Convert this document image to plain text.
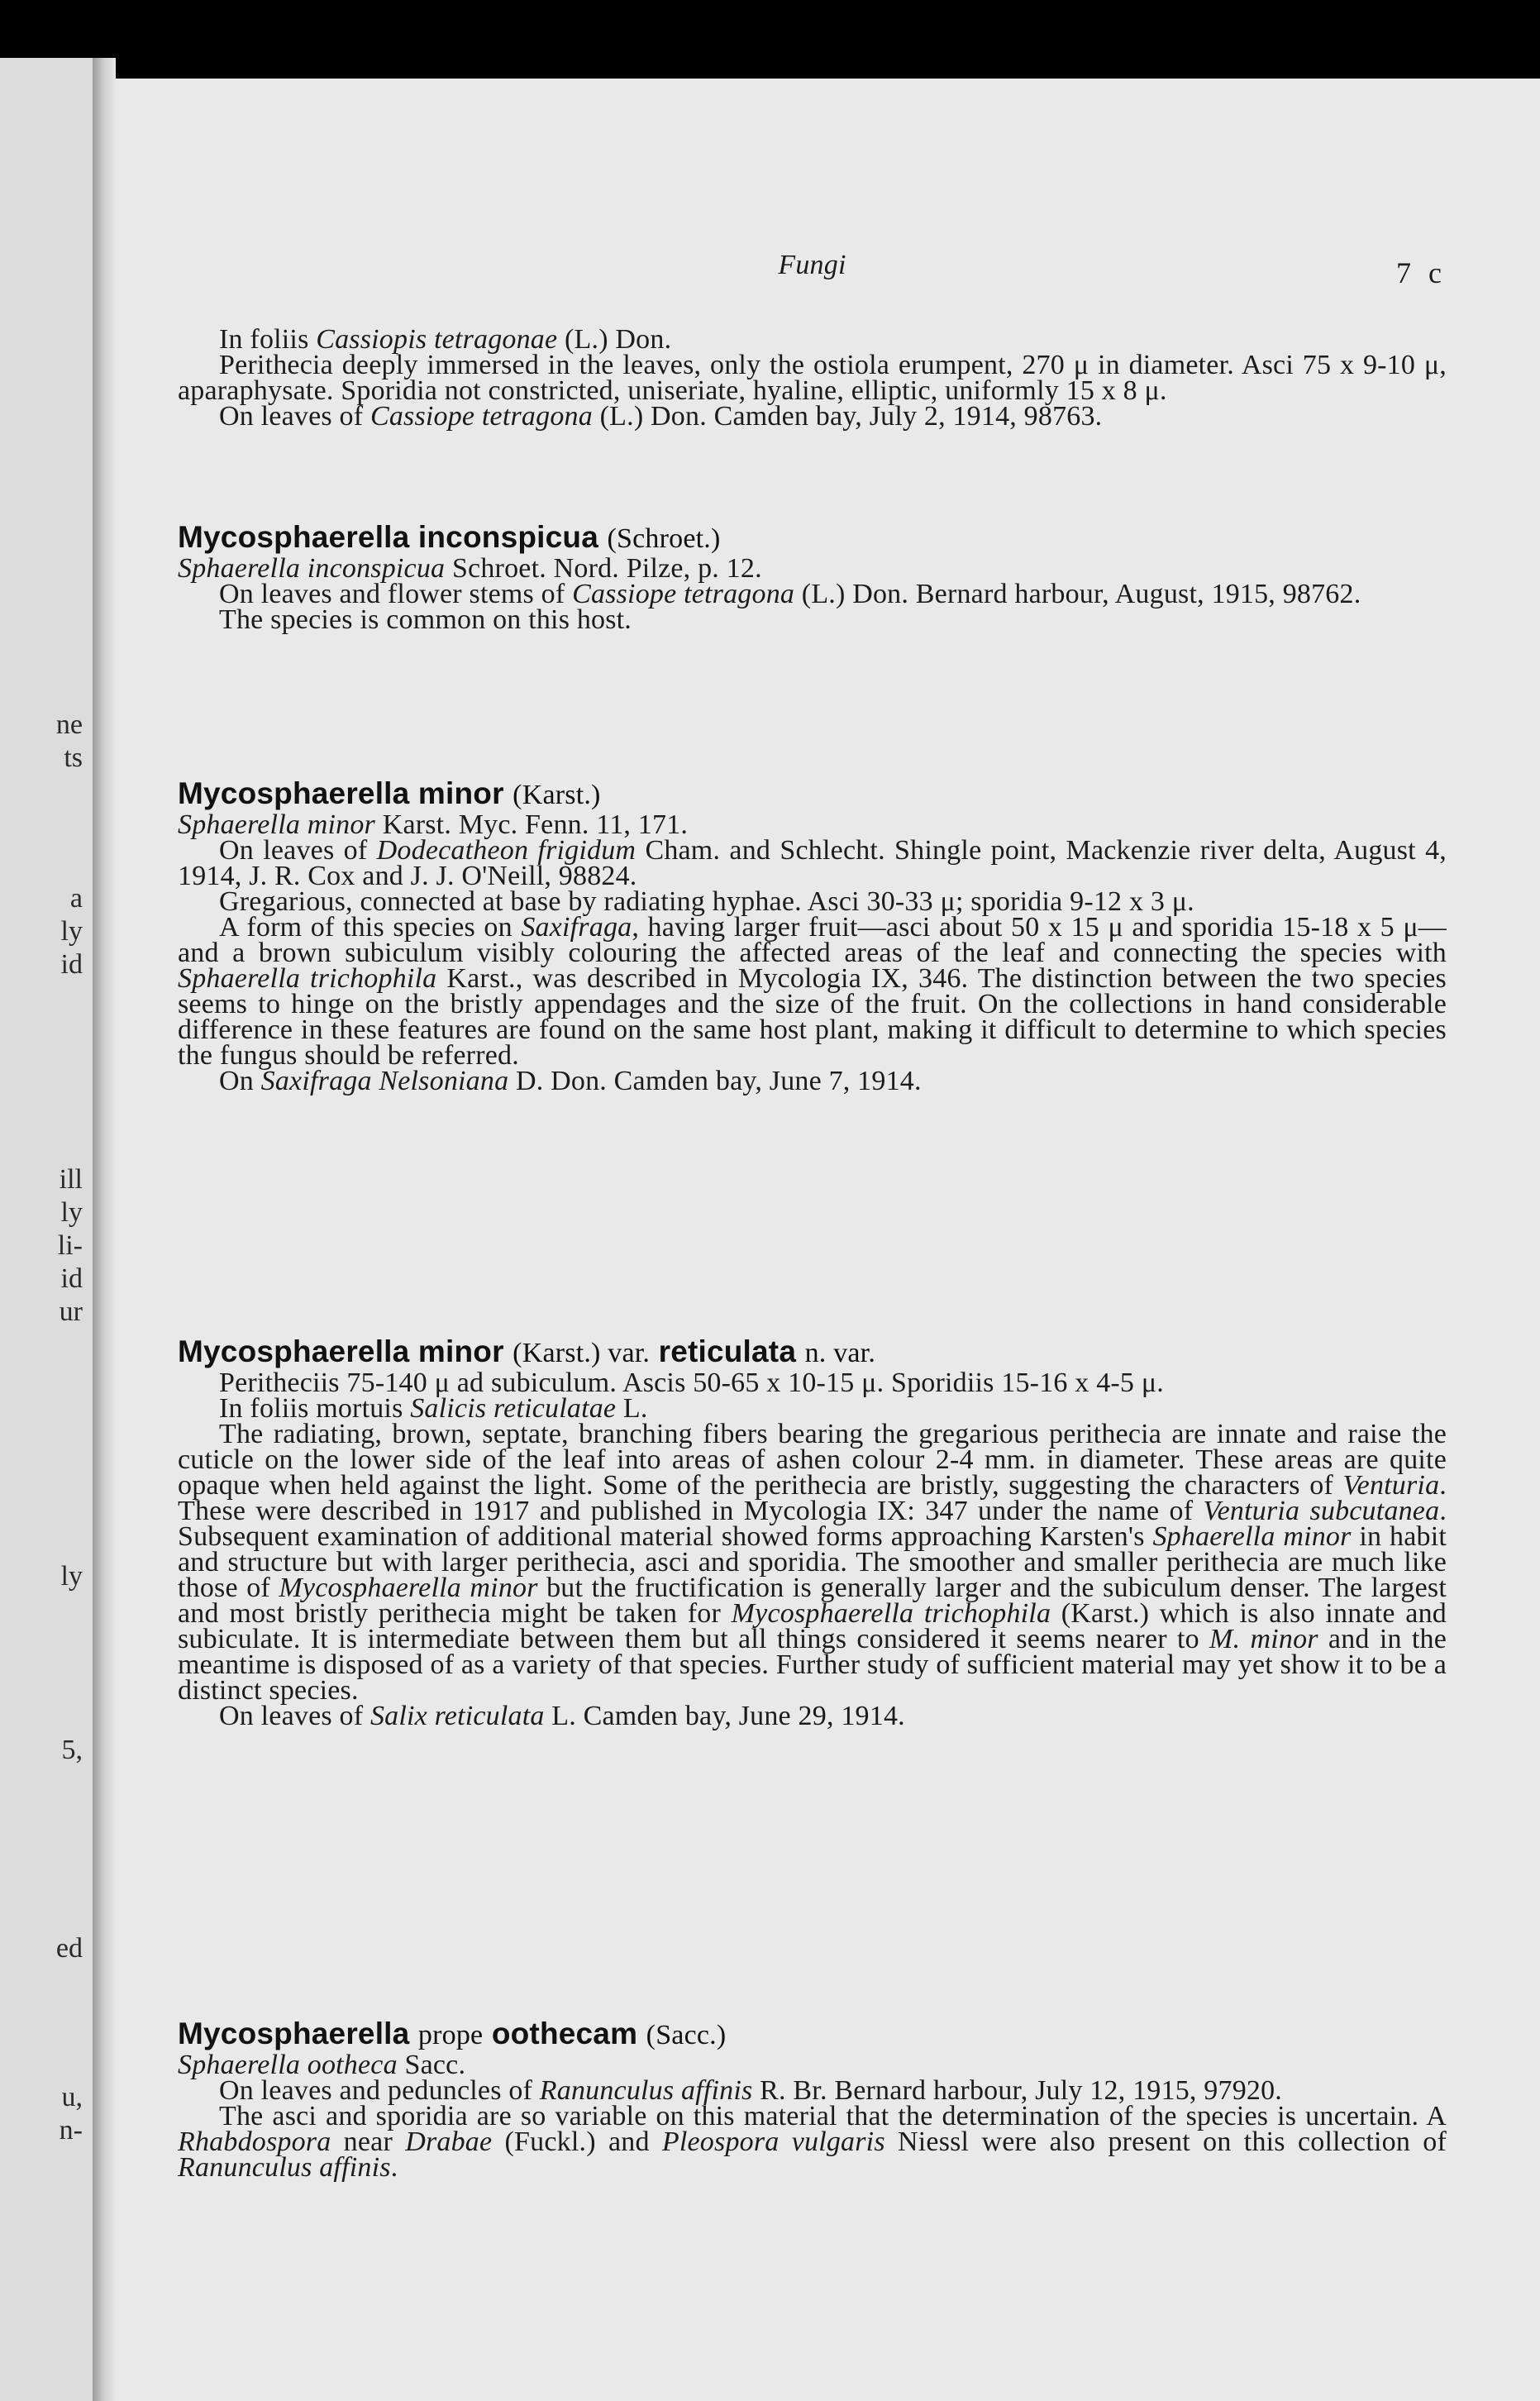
ne
ts
a
ly
id
ill
ly
li-
id
ur
ly
5,
ed
u,
n-
Fungi	7 c

In foliis Cassiopis tetragonae (L.) Don.

Perithecia deeply immersed in the leaves, only the ostiola erumpent, 270 μ in diameter. Asci 75 x 9-10 μ, aparaphysate. Sporidia not constricted, uniseriate, hyaline, elliptic, uniformly 15 x 8 μ.

On leaves of Cassiope tetragona (L.) Don. Camden bay, July 2, 1914, 98763.

Mycosphaerella inconspicua (Schroet.)

Sphaerella inconspicua Schroet. Nord. Pilze, p. 12.

On leaves and flower stems of Cassiope tetragona (L.) Don. Bernard harbour, August, 1915, 98762.

The species is common on this host.

Mycosphaerella minor (Karst.)

Sphaerella minor Karst. Myc. Fenn. 11, 171.

On leaves of Dodecatheon frigidum Cham. and Schlecht. Shingle point, Mackenzie river delta, August 4, 1914, J. R. Cox and J. J. O'Neill, 98824.

Gregarious, connected at base by radiating hyphae. Asci 30-33 μ; sporidia 9-12 x 3 μ.

A form of this species on Saxifraga, having larger fruit—asci about 50 x 15 μ and sporidia 15-18 x 5 μ—and a brown subiculum visibly colouring the affected areas of the leaf and connecting the species with Sphaerella trichophila Karst., was described in Mycologia IX, 346. The distinction between the two species seems to hinge on the bristly appendages and the size of the fruit. On the collections in hand considerable difference in these features are found on the same host plant, making it difficult to determine to which species the fungus should be referred.

On Saxifraga Nelsoniana D. Don. Camden bay, June 7, 1914.

Mycosphaerella minor (Karst.) var. reticulata n. var.

Peritheciis 75-140 μ ad subiculum. Ascis 50-65 x 10-15 μ. Sporidiis 15-16 x 4-5 μ.

In foliis mortuis Salicis reticulatae L.

The radiating, brown, septate, branching fibers bearing the gregarious perithecia are innate and raise the cuticle on the lower side of the leaf into areas of ashen colour 2-4 mm. in diameter. These areas are quite opaque when held against the light. Some of the perithecia are bristly, suggesting the characters of Venturia. These were described in 1917 and published in Mycologia IX: 347 under the name of Venturia subcutanea. Subsequent examination of additional material showed forms approaching Karsten's Sphaerella minor in habit and structure but with larger perithecia, asci and sporidia. The smoother and smaller perithecia are much like those of Mycosphaerella minor but the fructification is generally larger and the subiculum denser. The largest and most bristly perithecia might be taken for Mycosphaerella trichophila (Karst.) which is also innate and subiculate. It is intermediate between them but all things considered it seems nearer to M. minor and in the meantime is disposed of as a variety of that species. Further study of sufficient material may yet show it to be a distinct species.

On leaves of Salix reticulata L. Camden bay, June 29, 1914.

Mycosphaerella prope oothecam (Sacc.)

Sphaerella ootheca Sacc.

On leaves and peduncles of Ranunculus affinis R. Br. Bernard harbour, July 12, 1915, 97920.

The asci and sporidia are so variable on this material that the determination of the species is uncertain. A Rhabdospora near Drabae (Fuckl.) and Pleospora vulgaris Niessl were also present on this collection of Ranunculus affinis.
